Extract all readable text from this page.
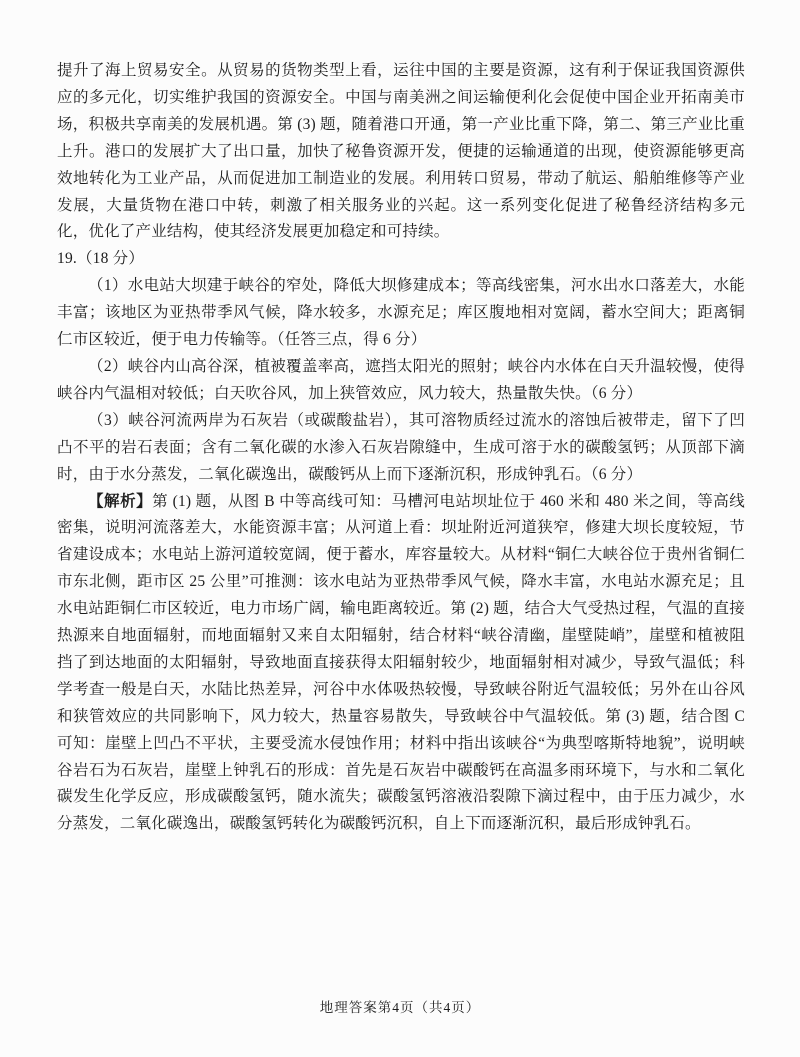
提升了海上贸易安全。从贸易的货物类型上看，运往中国的主要是资源，这有利于保证我国资源供应的多元化，切实维护我国的资源安全。中国与南美洲之间运输便利化会促使中国企业开拓南美市场，积极共享南美的发展机遇。第 (3) 题，随着港口开通，第一产业比重下降，第二、第三产业比重上升。港口的发展扩大了出口量，加快了秘鲁资源开发，便捷的运输通道的出现，使资源能够更高效地转化为工业产品，从而促进加工制造业的发展。利用转口贸易，带动了航运、船舶维修等产业发展，大量货物在港口中转，刺激了相关服务业的兴起。这一系列变化促进了秘鲁经济结构多元化，优化了产业结构，使其经济发展更加稳定和可持续。

19.（18 分）

（1）水电站大坝建于峡谷的窄处，降低大坝修建成本；等高线密集，河水出水口落差大，水能丰富；该地区为亚热带季风气候，降水较多，水源充足；库区腹地相对宽阔，蓄水空间大；距离铜仁市区较近，便于电力传输等。（任答三点，得 6 分）

（2）峡谷内山高谷深，植被覆盖率高，遮挡太阳光的照射；峡谷内水体在白天升温较慢，使得峡谷内气温相对较低；白天吹谷风，加上狭管效应，风力较大，热量散失快。（6 分）

（3）峡谷河流两岸为石灰岩（或碳酸盐岩），其可溶物质经过流水的溶蚀后被带走，留下了凹凸不平的岩石表面；含有二氧化碳的水渗入石灰岩隙缝中，生成可溶于水的碳酸氢钙；从顶部下滴时，由于水分蒸发，二氧化碳逸出，碳酸钙从上而下逐渐沉积，形成钟乳石。（6 分）

【解析】第 (1) 题，从图 B 中等高线可知：马槽河电站坝址位于 460 米和 480 米之间，等高线密集，说明河流落差大，水能资源丰富；从河道上看：坝址附近河道狭窄，修建大坝长度较短，节省建设成本；水电站上游河道较宽阔，便于蓄水，库容量较大。从材料“铜仁大峡谷位于贵州省铜仁市东北侧，距市区 25 公里”可推测：该水电站为亚热带季风气候，降水丰富，水电站水源充足；且水电站距铜仁市区较近，电力市场广阔，输电距离较近。第 (2) 题，结合大气受热过程，气温的直接热源来自地面辐射，而地面辐射又来自太阳辐射，结合材料“峡谷清幽，崖壁陡峭”，崖壁和植被阻挡了到达地面的太阳辐射，导致地面直接获得太阳辐射较少，地面辐射相对减少，导致气温低；科学考查一般是白天，水陆比热差异，河谷中水体吸热较慢，导致峡谷附近气温较低；另外在山谷风和狭管效应的共同影响下，风力较大，热量容易散失，导致峡谷中气温较低。第 (3) 题，结合图 C 可知：崖壁上凹凸不平状，主要受流水侵蚀作用；材料中指出该峡谷“为典型喀斯特地貌”，说明峡谷岩石为石灰岩，崖壁上钟乳石的形成：首先是石灰岩中碳酸钙在高温多雨环境下，与水和二氧化碳发生化学反应，形成碳酸氢钙，随水流失；碳酸氢钙溶液沿裂隙下滴过程中，由于压力减少，水分蒸发，二氧化碳逸出，碳酸氢钙转化为碳酸钙沉积，自上下而逐渐沉积，最后形成钟乳石。

地理答案第4页（共4页）
